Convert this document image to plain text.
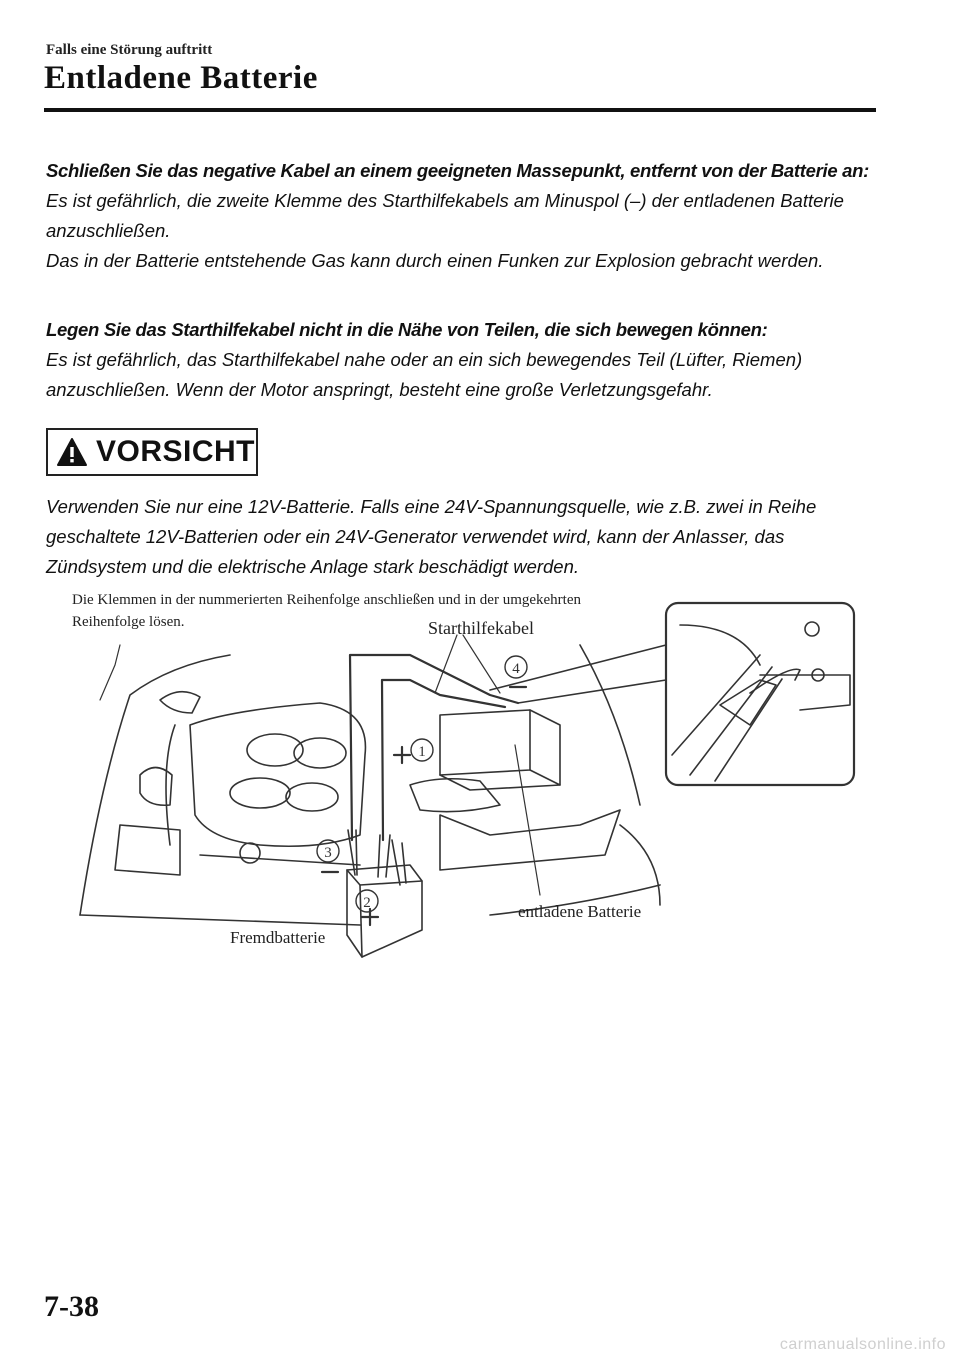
Falls eine Störung auftritt
Entladene Batterie

Schließen Sie das negative Kabel an einem geeigneten Massepunkt, entfernt von der Batterie an:

Es ist gefährlich, die zweite Klemme des Starthilfekabels am Minuspol (–) der entladenen Batterie anzuschließen.

Das in der Batterie entstehende Gas kann durch einen Funken zur Explosion gebracht werden.

Legen Sie das Starthilfekabel nicht in die Nähe von Teilen, die sich bewegen können:

Es ist gefährlich, das Starthilfekabel nahe oder an ein sich bewegendes Teil (Lüfter, Riemen) anzuschließen. Wenn der Motor anspringt, besteht eine große Verletzungsgefahr.

VORSICHT

Verwenden Sie nur eine 12V-Batterie. Falls eine 24V-Spannungsquelle, wie z.B. zwei in Reihe geschaltete 12V-Batterien oder ein 24V-Generator verwendet wird, kann der Anlasser, das Zündsystem und die elektrische Anlage stark beschädigt werden.

1
2
3
4
Die Klemmen in der nummerierten Reihenfolge anschließen und in der umgekehrten Reihenfolge lösen.	Starthilfekabel
entladene Batterie
Fremdbatterie
7-38
carmanualsonline.info
